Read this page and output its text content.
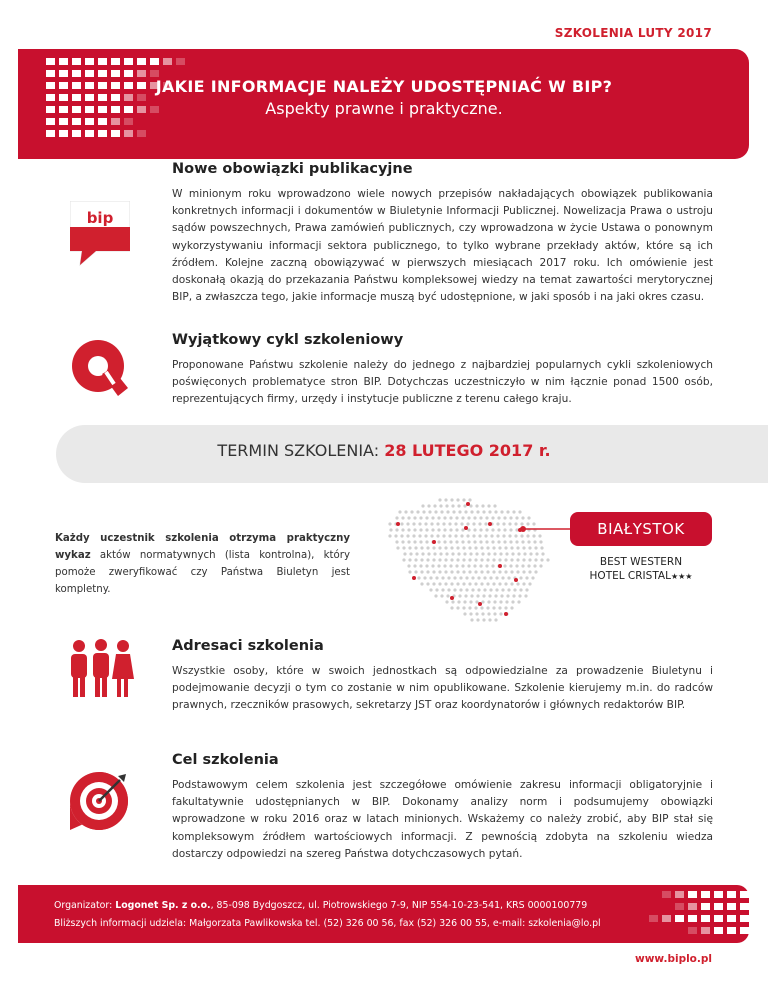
SZKOLENIA LUTY 2017
JAKIE INFORMACJE NALEŻY UDOSTĘPNIAĆ W BIP?
Aspekty prawne i praktyczne.
bip
Nowe obowiązki publikacyjne
W minionym roku wprowadzono wiele nowych przepisów nakładających obowiązek publikowania konkretnych informacji i dokumentów w Biuletynie Informacji Publicznej. Nowelizacja Prawa o ustroju sądów powszechnych, Prawa zamówień publicznych, czy wprowadzona w życie Ustawa o ponownym wykorzystywaniu informacji sektora publicznego, to tylko wybrane przekłady aktów, które są ich źródłem. Kolejne zaczną obowiązywać w pierwszych miesiącach 2017 roku. Ich omówienie jest doskonałą okazją do przekazania Państwu kompleksowej wiedzy na temat zawartości merytorycznej BIP, a zwłaszcza tego, jakie informacje muszą być udostępnione, w jaki sposób i na jaki okres czasu.
Wyjątkowy cykl szkoleniowy
Proponowane Państwu szkolenie należy do jednego z najbardziej popularnych cykli szkoleniowych poświęconych problematyce stron BIP. Dotychczas uczestniczyło w nim łącznie ponad 1500 osób, reprezentujących firmy, urzędy i instytucje publiczne z terenu całego kraju.
TERMIN SZKOLENIA: 28 LUTEGO 2017 r.
Każdy uczestnik szkolenia otrzyma praktyczny wykaz aktów normatywnych (lista kontrolna), który pomoże zweryfikować czy Państwa Biuletyn jest kompletny.
BIAŁYSTOK
BEST WESTERN
HOTEL CRISTAL★★★
Adresaci szkolenia
Wszystkie osoby, które w swoich jednostkach są odpowiedzialne za prowadzenie Biuletynu i podejmowanie decyzji o tym co zostanie w nim opublikowane. Szkolenie kierujemy m.in. do radców prawnych, rzeczników prasowych, sekretarzy JST oraz koordynatorów i głównych redaktorów BIP.
Cel szkolenia
Podstawowym celem szkolenia jest szczegółowe omówienie zakresu informacji obligatoryjnie i fakultatywnie udostępnianych w BIP. Dokonamy analizy norm i podsumujemy obowiązki wprowadzone w roku 2016 oraz w latach minionych. Wskażemy co należy zrobić, aby BIP stał się kompleksowym źródłem wartościowych informacji. Z pewnością zdobyta na szkoleniu wiedza dostarczy odpowiedzi na szereg Państwa dotychczasowych pytań.
Organizator: Logonet Sp. z o.o., 85-098 Bydgoszcz, ul. Piotrowskiego 7-9, NIP 554-10-23-541, KRS 0000100779
Bliższych informacji udziela: Małgorzata Pawlikowska tel. (52) 326 00 56, fax (52) 326 00 55, e-mail: szkolenia@lo.pl
www.biplo.pl
